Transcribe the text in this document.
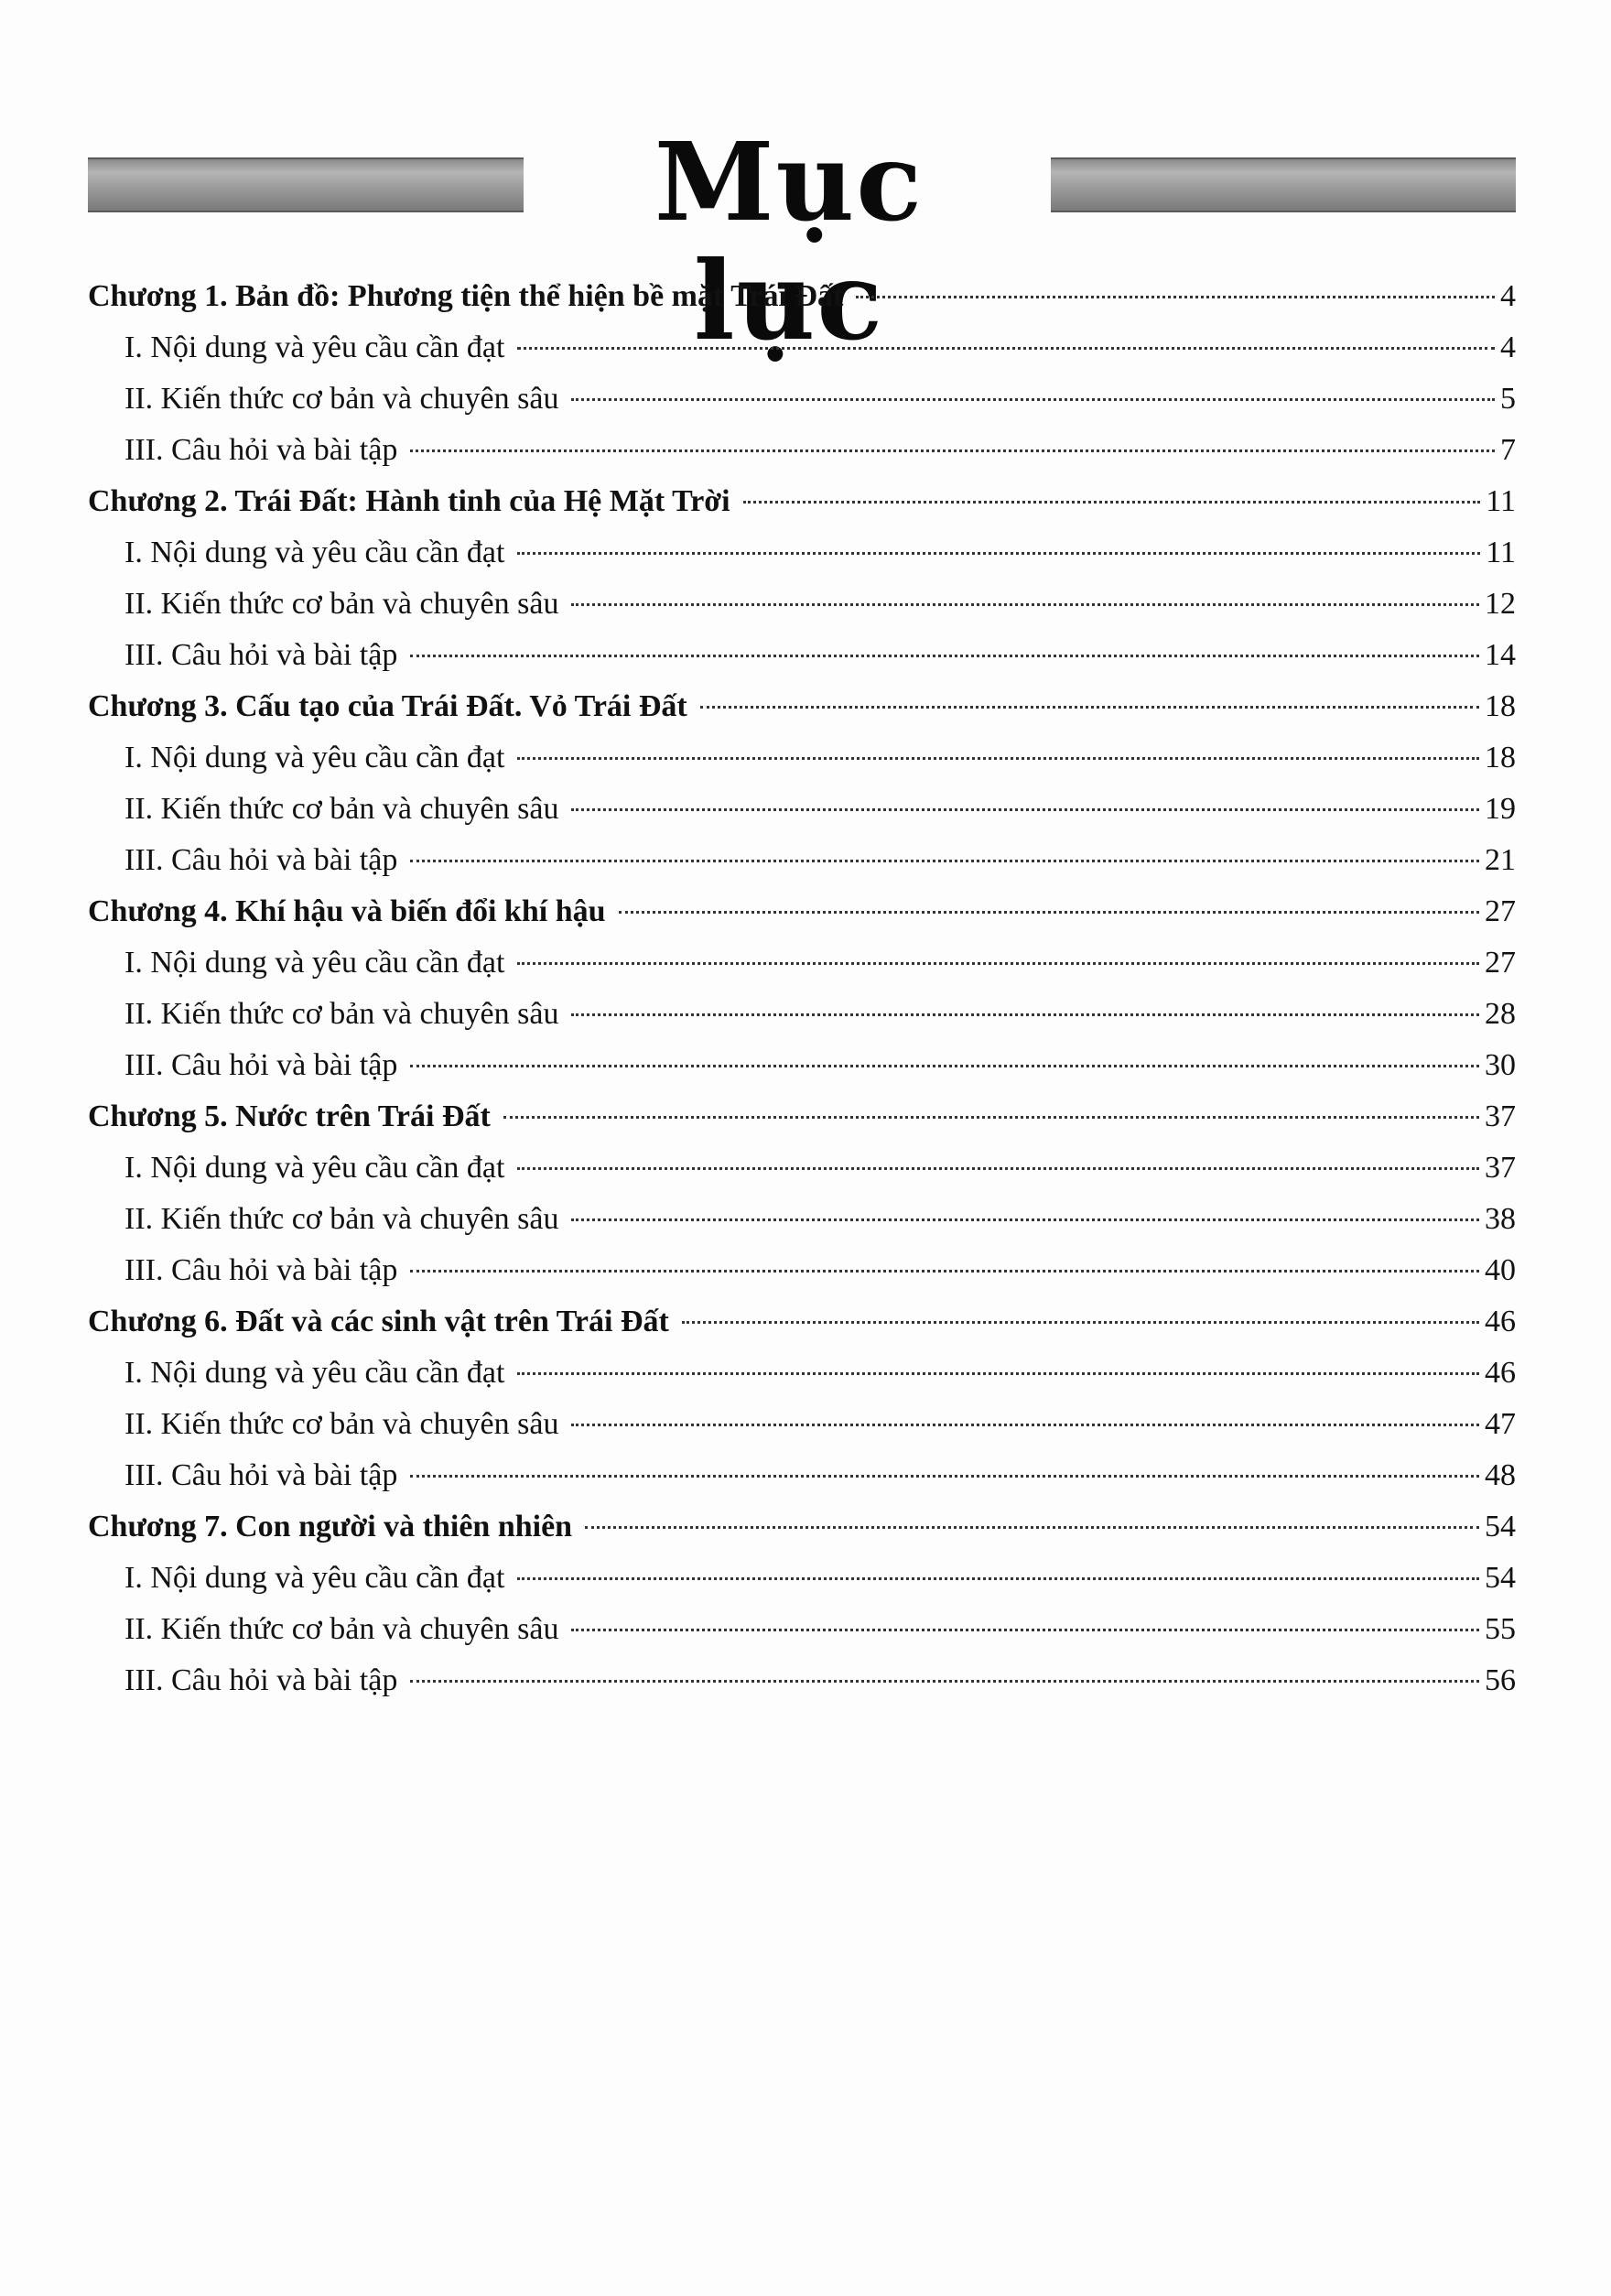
Mục lục
Chương 1. Bản đồ: Phương tiện thể hiện bề mặt Trái Đất	4
I. Nội dung và yêu cầu cần đạt	4
II. Kiến thức cơ bản và chuyên sâu	5
III. Câu hỏi và bài tập	7
Chương 2. Trái Đất: Hành tinh của Hệ Mặt Trời	11
I. Nội dung và yêu cầu cần đạt	11
II. Kiến thức cơ bản và chuyên sâu	12
III. Câu hỏi và bài tập	14
Chương 3. Cấu tạo của Trái Đất. Vỏ Trái Đất	18
I. Nội dung và yêu cầu cần đạt	18
II. Kiến thức cơ bản và chuyên sâu	19
III. Câu hỏi và bài tập	21
Chương 4. Khí hậu và biến đổi khí hậu	27
I. Nội dung và yêu cầu cần đạt	27
II. Kiến thức cơ bản và chuyên sâu	28
III. Câu hỏi và bài tập	30
Chương 5. Nước trên Trái Đất	37
I. Nội dung và yêu cầu cần đạt	37
II. Kiến thức cơ bản và chuyên sâu	38
III. Câu hỏi và bài tập	40
Chương 6. Đất và các sinh vật trên Trái Đất	46
I. Nội dung và yêu cầu cần đạt	46
II. Kiến thức cơ bản và chuyên sâu	47
III. Câu hỏi và bài tập	48
Chương 7. Con người và thiên nhiên	54
I. Nội dung và yêu cầu cần đạt	54
II. Kiến thức cơ bản và chuyên sâu	55
III. Câu hỏi và bài tập	56
